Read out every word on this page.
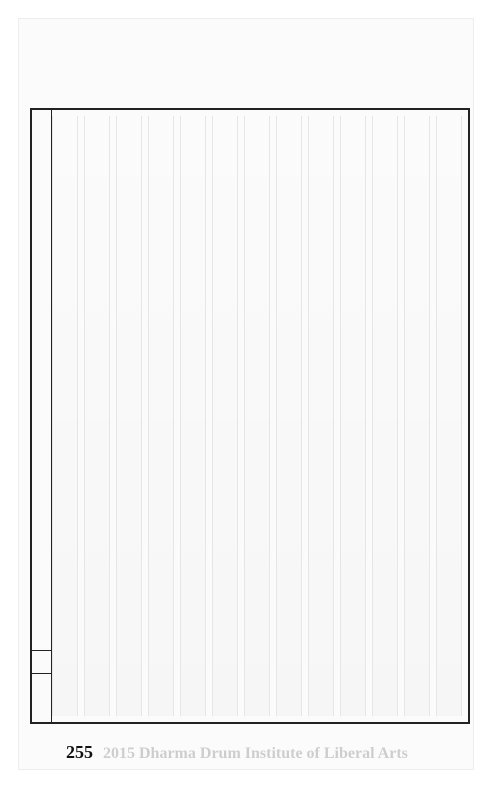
255 2015 Dharma Drum Institute of Liberal Arts
